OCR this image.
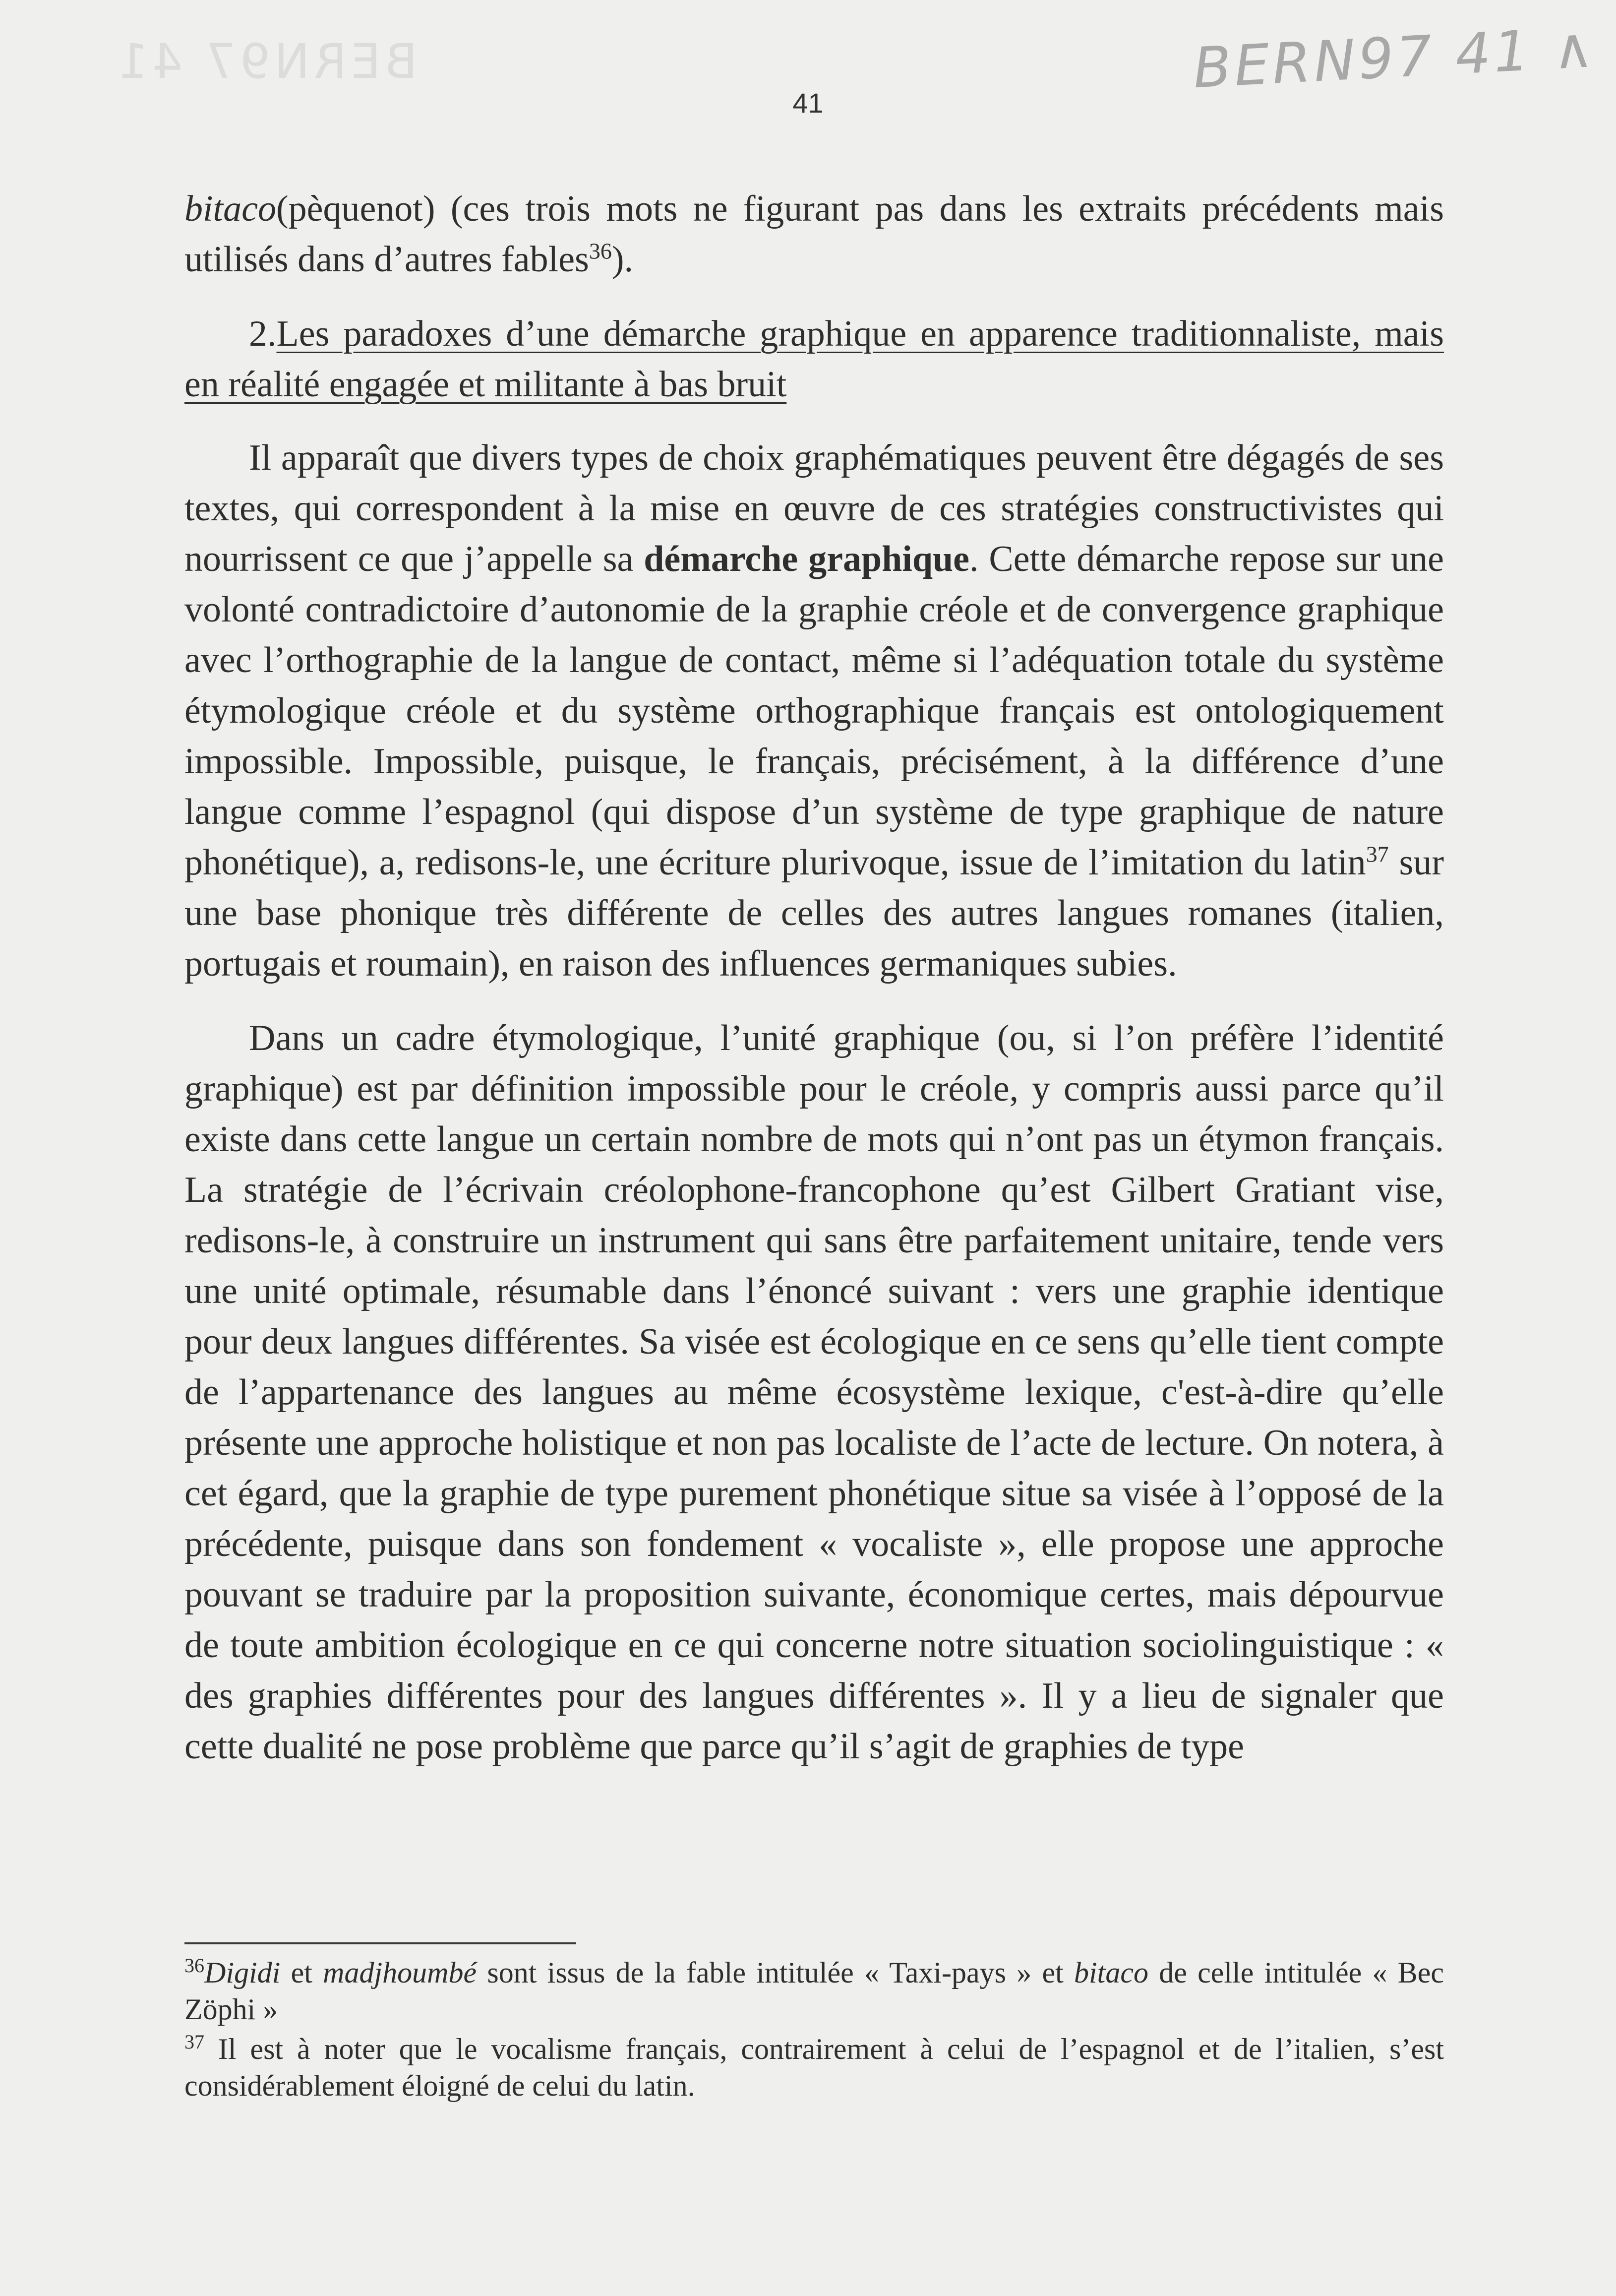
BERN97 41	BERN97 41 ∧
41

bitaco(pèquenot) (ces trois mots ne figurant pas dans les extraits précédents mais utilisés dans d’autres fables$^{36}$).

2.Les paradoxes d’une démarche graphique en apparence traditionnaliste, mais en réalité engagée et militante à bas bruit

Il apparaît que divers types de choix graphématiques peuvent être dégagés de ses textes, qui correspondent à la mise en œuvre de ces stratégies constructivistes qui nourrissent ce que j’appelle sa démarche graphique. Cette démarche repose sur une volonté contradictoire d’autonomie de la graphie créole et de convergence graphique avec l’orthographie de la langue de contact, même si l’adéquation totale du système étymologique créole et du système orthographique français est ontologiquement impossible. Impossible, puisque, le français, précisément, à la différence d’une langue comme l’espagnol (qui dispose d’un système de type graphique de nature phonétique), a, redisons-le, une écriture plurivoque, issue de l’imitation du latin$^{37}$ sur une base phonique très différente de celles des autres langues romanes (italien, portugais et roumain), en raison des influences germaniques subies.

Dans un cadre étymologique, l’unité graphique (ou, si l’on préfère l’identité graphique) est par définition impossible pour le créole, y compris aussi parce qu’il existe dans cette langue un certain nombre de mots qui n’ont pas un étymon français. La stratégie de l’écrivain créolophone-francophone qu’est Gilbert Gratiant vise, redisons-le, à construire un instrument qui sans être parfaitement unitaire, tende vers une unité optimale, résumable dans l’énoncé suivant : vers une graphie identique pour deux langues différentes. Sa visée est écologique en ce sens qu’elle tient compte de l’appartenance des langues au même écosystème lexique, c'est-à-dire qu’elle présente une approche holistique et non pas localiste de l’acte de lecture. On notera, à cet égard, que la graphie de type purement phonétique situe sa visée à l’opposé de la précédente, puisque dans son fondement « vocaliste », elle propose une approche pouvant se traduire par la proposition suivante, économique certes, mais dépourvue de toute ambition écologique en ce qui concerne notre situation sociolinguistique : « des graphies différentes pour des langues différentes ». Il y a lieu de signaler que cette dualité ne pose problème que parce qu’il s’agit de graphies de type

$^{36}$Digidi et madjhoumbé sont issus de la fable intitulée « Taxi-pays » et bitaco de celle intitulée « Bec Zöphi »

$^{37}$ Il est à noter que le vocalisme français, contrairement à celui de l’espagnol et de l’italien, s’est considérablement éloigné de celui du latin.
